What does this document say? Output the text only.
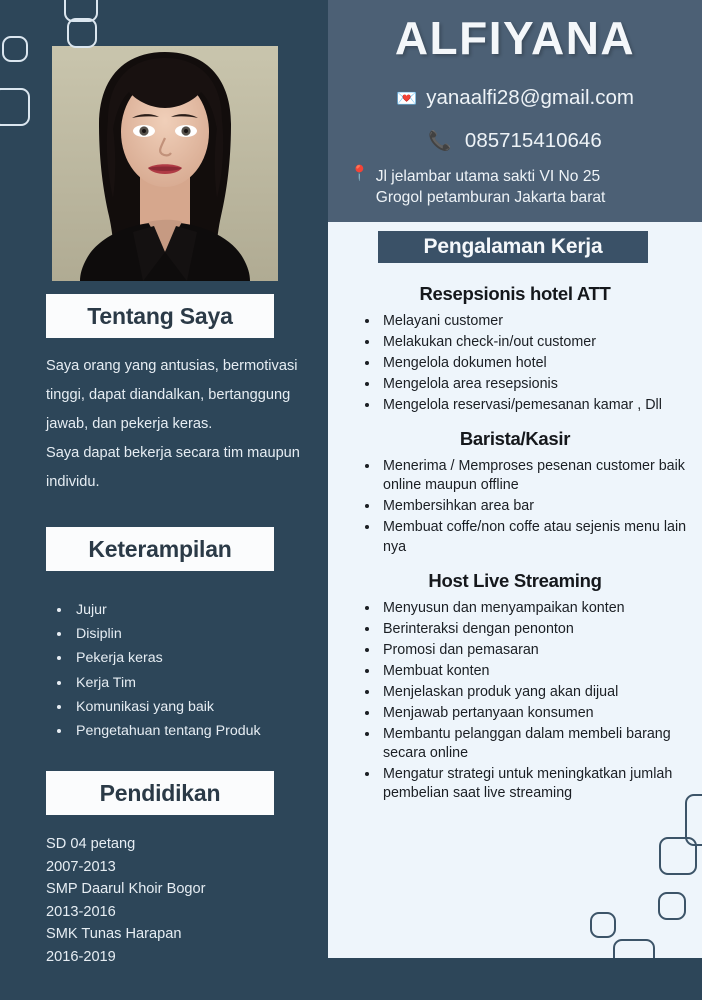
ALFIYANA
💌 yanaalfi28@gmail.com
📞 085715410646
📍 Jl jelambar utama sakti VI No 25
Grogol petamburan Jakarta barat
Pengalaman Kerja
Resepsionis hotel ATT
• Melayani customer
• Melakukan check-in/out customer
• Mengelola dokumen hotel
• Mengelola area resepsionis
• Mengelola reservasi/pemesanan kamar , Dll
Barista/Kasir
• Menerima / Memproses pesenan customer baik online maupun offline
• Membersihkan area bar
• Membuat coffe/non coffe atau sejenis menu lain nya
Host Live Streaming
• Menyusun dan menyampaikan konten
• Berinteraksi dengan penonton
• Promosi dan pemasaran
• Membuat konten
• Menjelaskan produk yang akan dijual
• Menjawab pertanyaan konsumen
• Membantu pelanggan dalam membeli barang secara online
• Mengatur strategi untuk meningkatkan jumlah pembelian saat live streaming
Tentang Saya
Saya orang yang antusias, bermotivasi tinggi, dapat diandalkan, bertanggung jawab, dan pekerja keras.
Saya dapat bekerja secara tim maupun individu.
Keterampilan
• Jujur
• Disiplin
• Pekerja keras
• Kerja Tim
• Komunikasi yang baik
• Pengetahuan tentang Produk
Pendidikan
SD 04 petang
2007-2013
SMP Daarul Khoir Bogor
2013-2016
SMK Tunas Harapan
2016-2019
